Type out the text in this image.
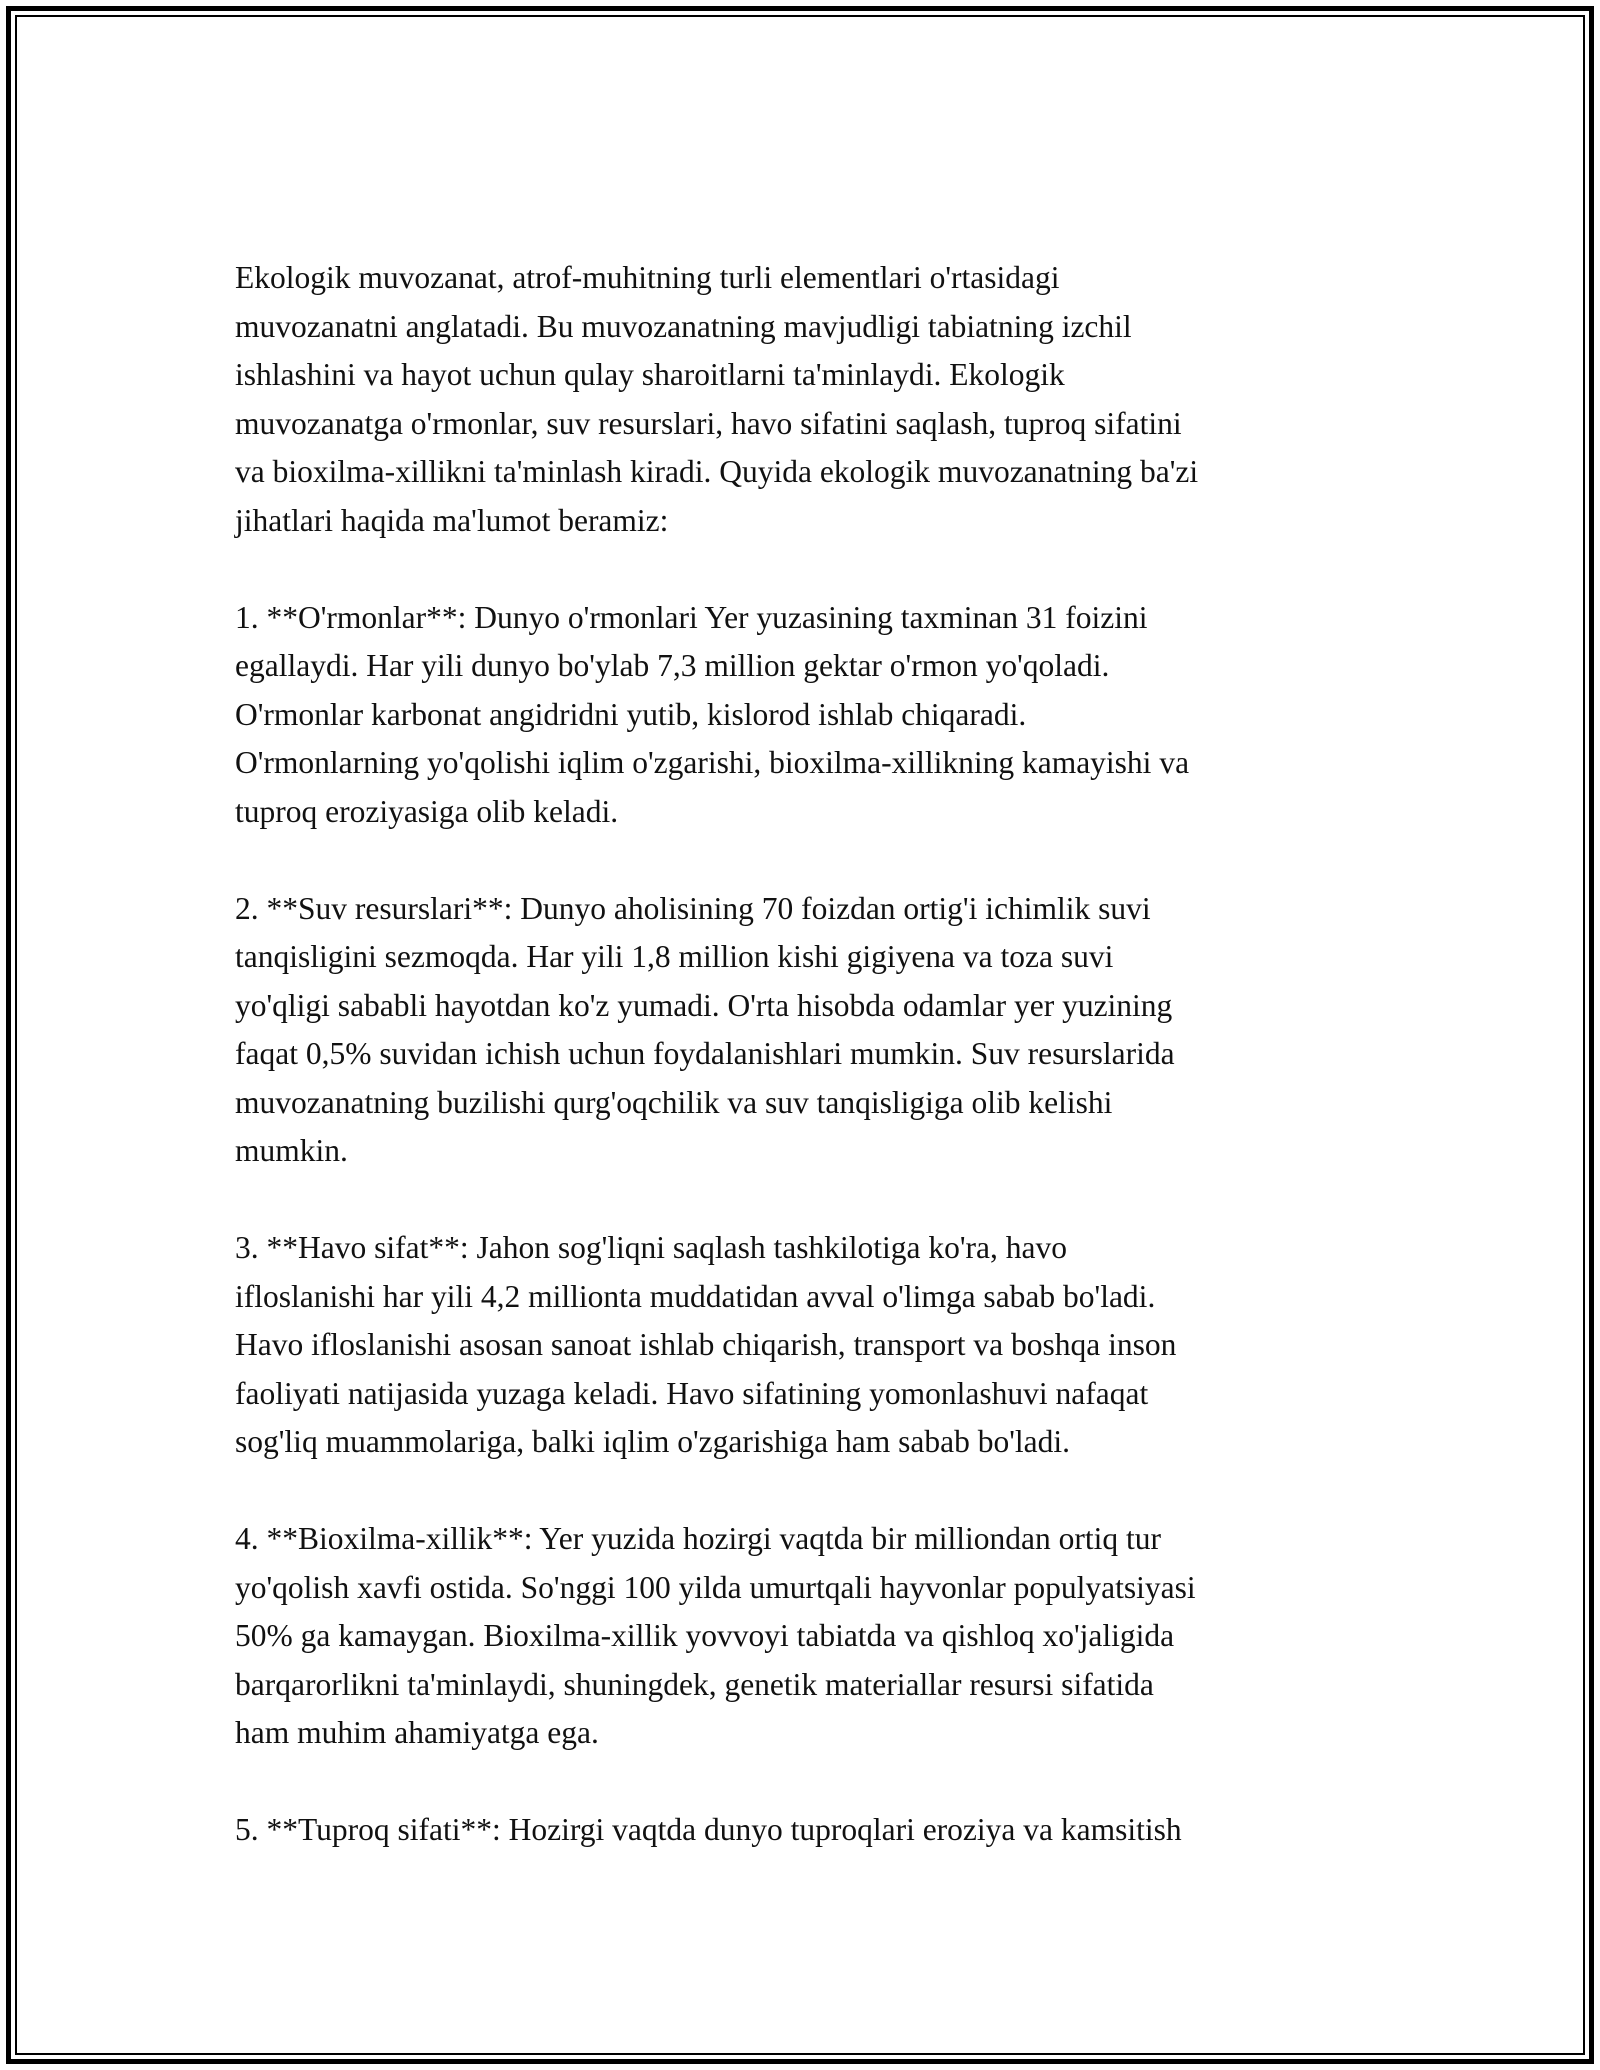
Ekologik muvozanat, atrof-muhitning turli elementlari o'rtasidagi
muvozanatni anglatadi. Bu muvozanatning mavjudligi tabiatning izchil
ishlashini va hayot uchun qulay sharoitlarni ta'minlaydi. Ekologik
muvozanatga o'rmonlar, suv resurslari, havo sifatini saqlash, tuproq sifatini
va bioxilma-xillikni ta'minlash kiradi. Quyida ekologik muvozanatning ba'zi
jihatlari haqida ma'lumot beramiz:

1. **O'rmonlar**: Dunyo o'rmonlari Yer yuzasining taxminan 31 foizini
egallaydi. Har yili dunyo bo'ylab 7,3 million gektar o'rmon yo'qoladi.
O'rmonlar karbonat angidridni yutib, kislorod ishlab chiqaradi.
O'rmonlarning yo'qolishi iqlim o'zgarishi, bioxilma-xillikning kamayishi va
tuproq eroziyasiga olib keladi.

2. **Suv resurslari**: Dunyo aholisining 70 foizdan ortig'i ichimlik suvi
tanqisligini sezmoqda. Har yili 1,8 million kishi gigiyena va toza suvi
yo'qligi sababli hayotdan ko'z yumadi. O'rta hisobda odamlar yer yuzining
faqat 0,5% suvidan ichish uchun foydalanishlari mumkin. Suv resurslarida
muvozanatning buzilishi qurg'oqchilik va suv tanqisligiga olib kelishi
mumkin.

3. **Havo sifat**: Jahon sog'liqni saqlash tashkilotiga ko'ra, havo
ifloslanishi har yili 4,2 millionta muddatidan avval o'limga sabab bo'ladi.
Havo ifloslanishi asosan sanoat ishlab chiqarish, transport va boshqa inson
faoliyati natijasida yuzaga keladi. Havo sifatining yomonlashuvi nafaqat
sog'liq muammolariga, balki iqlim o'zgarishiga ham sabab bo'ladi.

4. **Bioxilma-xillik**: Yer yuzida hozirgi vaqtda bir milliondan ortiq tur
yo'qolish xavfi ostida. So'nggi 100 yilda umurtqali hayvonlar populyatsiyasi
50% ga kamaygan. Bioxilma-xillik yovvoyi tabiatda va qishloq xo'jaligida
barqarorlikni ta'minlaydi, shuningdek, genetik materiallar resursi sifatida
ham muhim ahamiyatga ega.

5. **Tuproq sifati**: Hozirgi vaqtda dunyo tuproqlari eroziya va kamsitish
